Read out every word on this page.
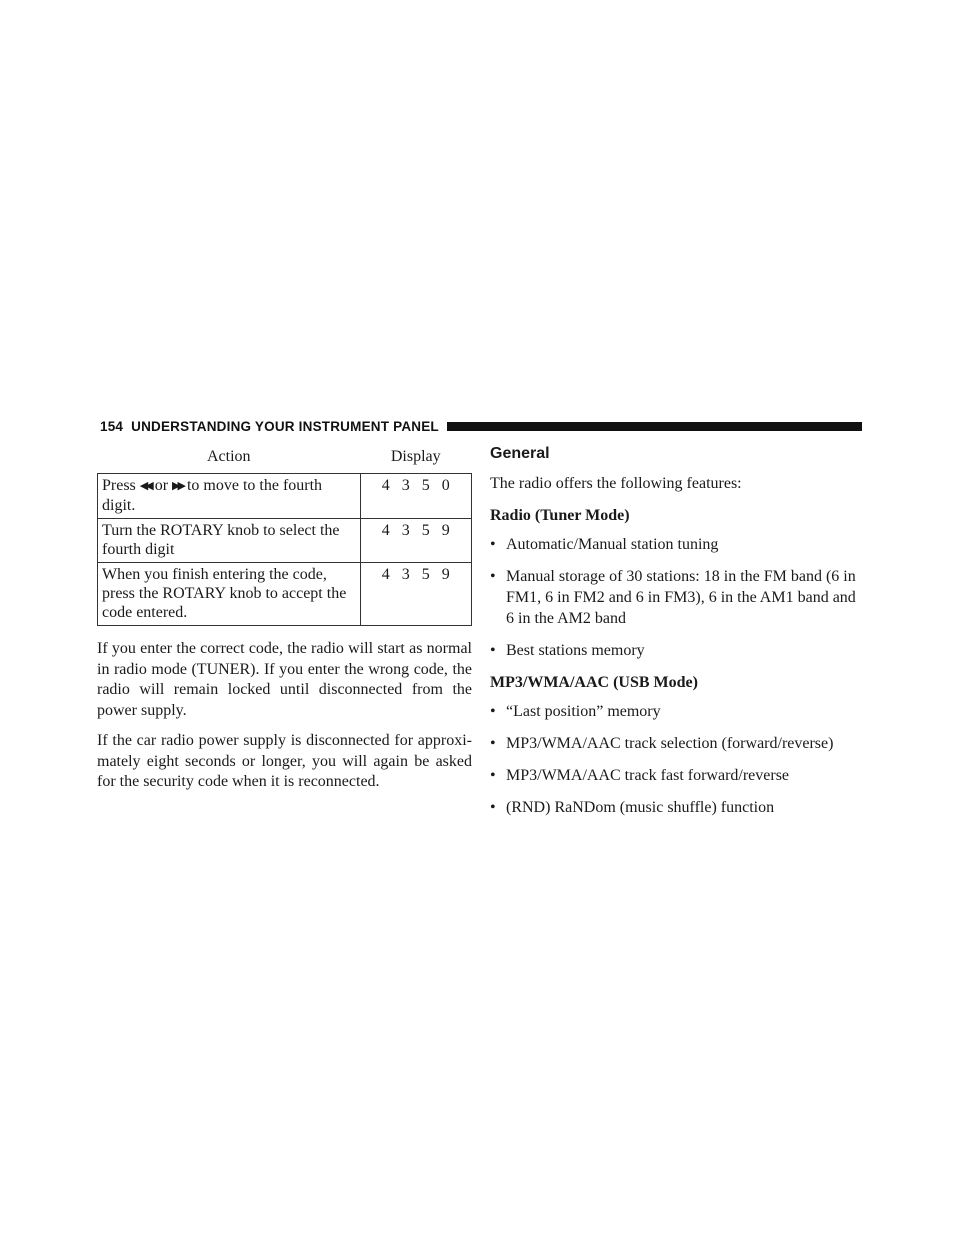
154 UNDERSTANDING YOUR INSTRUMENT PANEL
Action	Display
Press ◀◀ or ▶▶ to move to the fourth digit.	4 3 5 0
Turn the ROTARY knob to select the fourth digit	4 3 5 9
When you finish entering the code, press the ROTARY knob to accept the code entered.	4 3 5 9

If you enter the correct code, the radio will start as normal in radio mode (TUNER). If you enter the wrong code, the radio will remain locked until disconnected from the power supply.

If the car radio power supply is disconnected for approxi-mately eight seconds or longer, you will again be asked for the security code when it is reconnected.

General
The radio offers the following features:
Radio (Tuner Mode)
• Automatic/Manual station tuning
• Manual storage of 30 stations: 18 in the FM band (6 in FM1, 6 in FM2 and 6 in FM3), 6 in the AM1 band and 6 in the AM2 band
• Best stations memory
MP3/WMA/AAC (USB Mode)
• “Last position” memory
• MP3/WMA/AAC track selection (forward/reverse)
• MP3/WMA/AAC track fast forward/reverse
• (RND) RaNDom (music shuffle) function
